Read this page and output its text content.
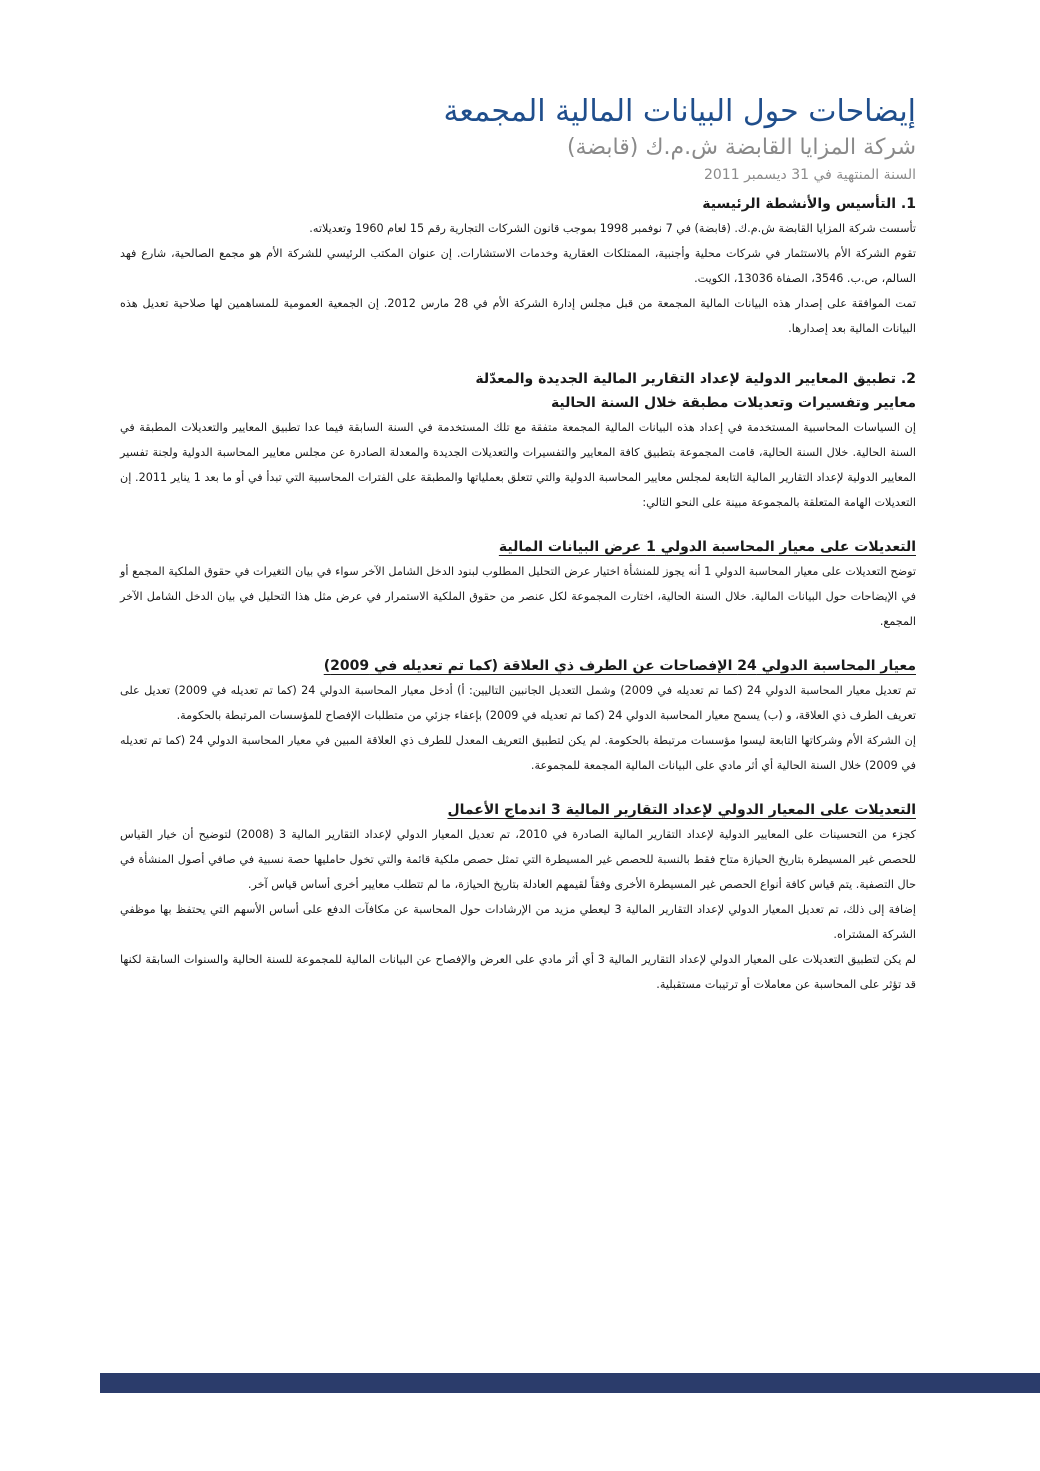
إيضاحات حول البيانات المالية المجمعة

شركة المزايا القابضة ش.م.ك (قابضة)

السنة المنتهية في 31 ديسمبر 2011

1. التأسيس والأنشطة الرئيسية

تأسست شركة المزايا القابضة ش.م.ك. (قابضة) في 7 نوفمبر 1998 بموجب قانون الشركات التجارية رقم 15 لعام 1960 وتعديلاته.

تقوم الشركة الأم بالاستثمار في شركات محلية وأجنبية، الممتلكات العقارية وخدمات الاستشارات. إن عنوان المكتب الرئيسي للشركة الأم هو مجمع الصالحية، شارع فهد السالم، ص.ب. 3546، الصفاة 13036، الكويت.

تمت الموافقة على إصدار هذه البيانات المالية المجمعة من قبل مجلس إدارة الشركة الأم في 28 مارس 2012. إن الجمعية العمومية للمساهمين لها صلاحية تعديل هذه البيانات المالية بعد إصدارها.

2. تطبيق المعايير الدولية لإعداد التقارير المالية الجديدة والمعدّلة
معايير وتفسيرات وتعديلات مطبقة خلال السنة الحالية

إن السياسات المحاسبية المستخدمة في إعداد هذه البيانات المالية المجمعة متفقة مع تلك المستخدمة في السنة السابقة فيما عدا تطبيق المعايير والتعديلات المطبقة في السنة الحالية. خلال السنة الحالية، قامت المجموعة بتطبيق كافة المعايير والتفسيرات والتعديلات الجديدة والمعدلة الصادرة عن مجلس معايير المحاسبة الدولية ولجنة تفسير المعايير الدولية لإعداد التقارير المالية التابعة لمجلس معايير المحاسبة الدولية والتي تتعلق بعملياتها والمطبقة على الفترات المحاسبية التي تبدأ في أو ما بعد 1 يناير 2011. إن التعديلات الهامة المتعلقة بالمجموعة مبينة على النحو التالي:

التعديلات على معيار المحاسبة الدولي 1 عرض البيانات المالية

توضح التعديلات على معيار المحاسبة الدولي 1 أنه يجوز للمنشأة اختيار عرض التحليل المطلوب لبنود الدخل الشامل الآخر سواء في بيان التغيرات في حقوق الملكية المجمع أو في الإيضاحات حول البيانات المالية. خلال السنة الحالية، اختارت المجموعة لكل عنصر من حقوق الملكية الاستمرار في عرض مثل هذا التحليل في بيان الدخل الشامل الآخر المجمع.

معيار المحاسبة الدولي 24 الإفصاحات عن الطرف ذي العلاقة (كما تم تعديله في 2009)

تم تعديل معيار المحاسبة الدولي 24 (كما تم تعديله في 2009) وشمل التعديل الجانبين التاليين: أ) أدخل معيار المحاسبة الدولي 24 (كما تم تعديله في 2009) تعديل على تعريف الطرف ذي العلاقة، و (ب) يسمح معيار المحاسبة الدولي 24 (كما تم تعديله في 2009) بإعفاء جزئي من متطلبات الإفصاح للمؤسسات المرتبطة بالحكومة.

إن الشركة الأم وشركاتها التابعة ليسوا مؤسسات مرتبطة بالحكومة. لم يكن لتطبيق التعريف المعدل للطرف ذي العلاقة المبين في معيار المحاسبة الدولي 24 (كما تم تعديله في 2009) خلال السنة الحالية أي أثر مادي على البيانات المالية المجمعة للمجموعة.

التعديلات على المعيار الدولي لإعداد التقارير المالية 3 اندماج الأعمال

كجزء من التحسينات على المعايير الدولية لإعداد التقارير المالية الصادرة في 2010، تم تعديل المعيار الدولي لإعداد التقارير المالية 3 (2008) لتوضيح أن خيار القياس للحصص غير المسيطرة بتاريخ الحيازة متاح فقط بالنسبة للحصص غير المسيطرة التي تمثل حصص ملكية قائمة والتي تخول حامليها حصة نسبية في صافي أصول المنشأة في حال التصفية. يتم قياس كافة أنواع الحصص غير المسيطرة الأخرى وفقاً لقيمهم العادلة بتاريخ الحيازة، ما لم تتطلب معايير أخرى أساس قياس آخر.

إضافة إلى ذلك، تم تعديل المعيار الدولي لإعداد التقارير المالية 3 ليعطي مزيد من الإرشادات حول المحاسبة عن مكافآت الدفع على أساس الأسهم التي يحتفظ بها موظفي الشركة المشتراه.

لم يكن لتطبيق التعديلات على المعيار الدولي لإعداد التقارير المالية 3 أي أثر مادي على العرض والإفصاح عن البيانات المالية للمجموعة للسنة الحالية والسنوات السابقة لكنها قد تؤثر على المحاسبة عن معاملات أو ترتيبات مستقبلية.
